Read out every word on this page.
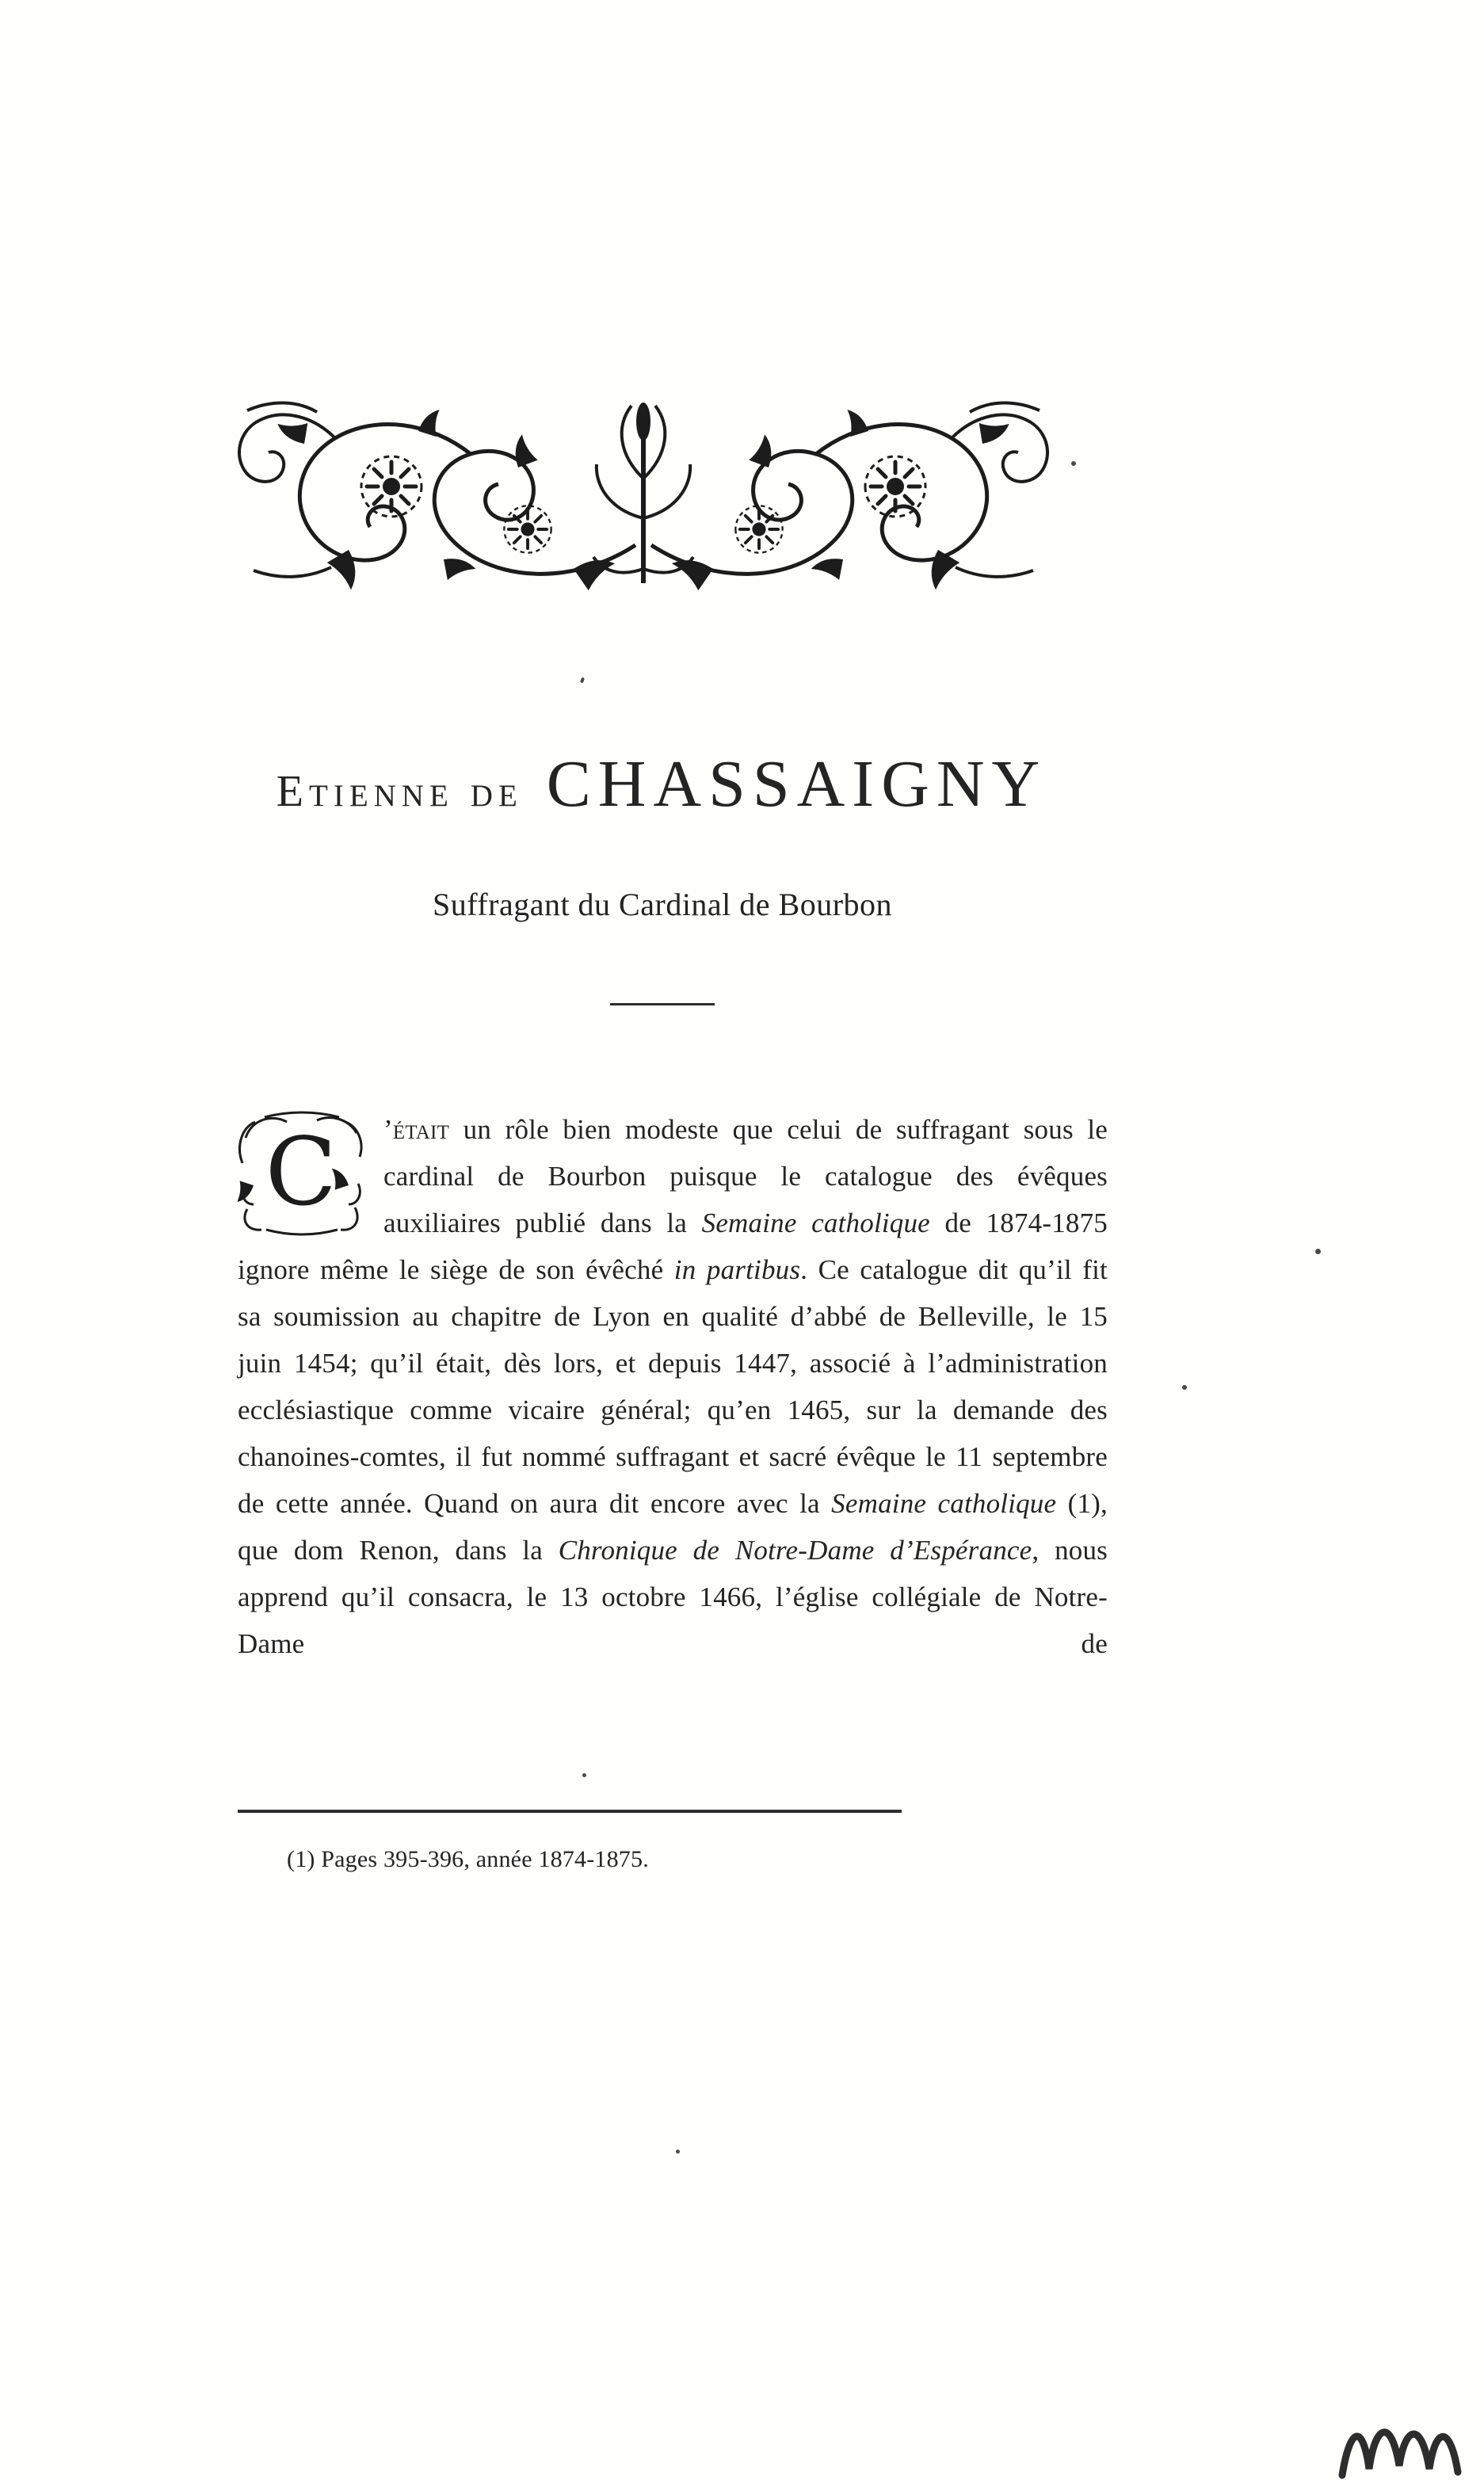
Etienne de CHASSAIGNY
Suffragant du Cardinal de Bourbon

C ’était un rôle bien modeste que celui de suffragant sous le cardinal de Bourbon puisque le catalogue des évêques auxiliaires publié dans la Semaine catholique de 1874-1875 ignore même le siège de son évêché in partibus. Ce catalogue dit qu’il fit sa soumission au chapitre de Lyon en qualité d’abbé de Belleville, le 15 juin 1454; qu’il était, dès lors, et depuis 1447, associé à l’administration ecclésiastique comme vicaire général; qu’en 1465, sur la demande des chanoines-comtes, il fut nommé suffragant et sacré évêque le 11 septembre de cette année. Quand on aura dit encore avec la Semaine catholique (1), que dom Renon, dans la Chronique de Notre-Dame d’Espérance, nous apprend qu’il consacra, le 13 octobre 1466, l’église collégiale de Notre-Dame de

(1) Pages 395-396, année 1874-1875.
